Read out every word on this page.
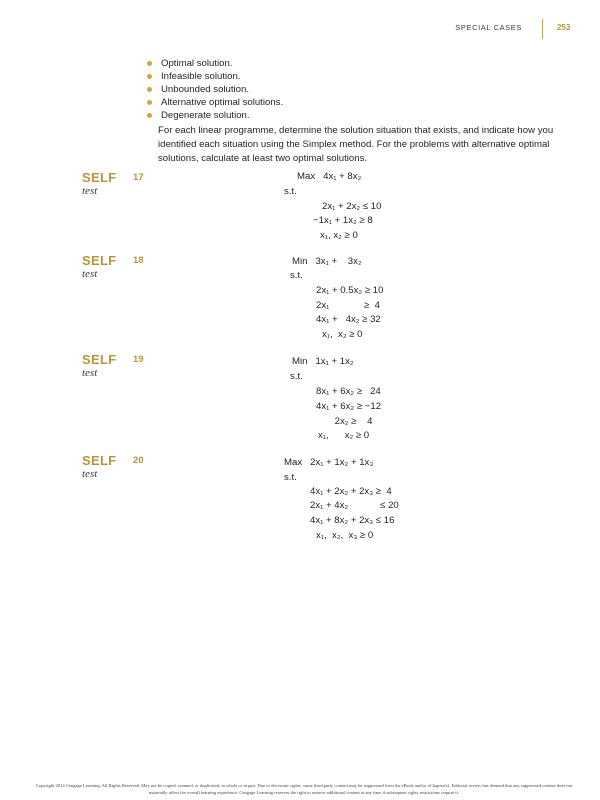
SPECIAL CASES	253
Optimal solution.
Infeasible solution.
Unbounded solution.
Alternative optimal solutions.
Degenerate solution.

For each linear programme, determine the solution situation that exists, and indicate how you identified each situation using the Simplex method. For the problems with alternative optimal solutions, calculate at least two optimal solutions.

SELF
test
17	Max   4x₁ + 8x₂
s.t.
2x₁ + 2x₂ ≤ 10
−1x₁ + 1x₂ ≥ 8
x₁, x₂ ≥ 0
SELF
test
18	Min   3x₁ +    3x₂
s.t.
2x₁ + 0.5x₂ ≥ 10
2x₁             ≥  4
4x₁ +   4x₂ ≥ 32
x₁,  x₂ ≥ 0
SELF
test
19	Min   1x₁ + 1x₂
s.t.
8x₁ + 6x₂ ≥   24
4x₁ + 6x₂ ≥ −12
2x₂ ≥    4
x₁,      x₂ ≥ 0
SELF
test
20	Max   2x₁ + 1x₂ + 1x₃
s.t.
4x₁ + 2x₂ + 2x₃ ≥  4
2x₁ + 4x₂            ≤ 20
4x₁ + 8x₂ + 2x₃ ≤ 16
x₁,  x₂,  x₃ ≥ 0
Copyright 2014 Cengage Learning. All Rights Reserved. May not be copied, scanned, or duplicated, in whole or in part. Due to electronic rights, some third party content may be suppressed from the eBook and/or eChapter(s). Editorial review has deemed that any suppressed content does not materially affect the overall learning experience. Cengage Learning reserves the right to remove additional content at any time if subsequent rights restrictions require it.
